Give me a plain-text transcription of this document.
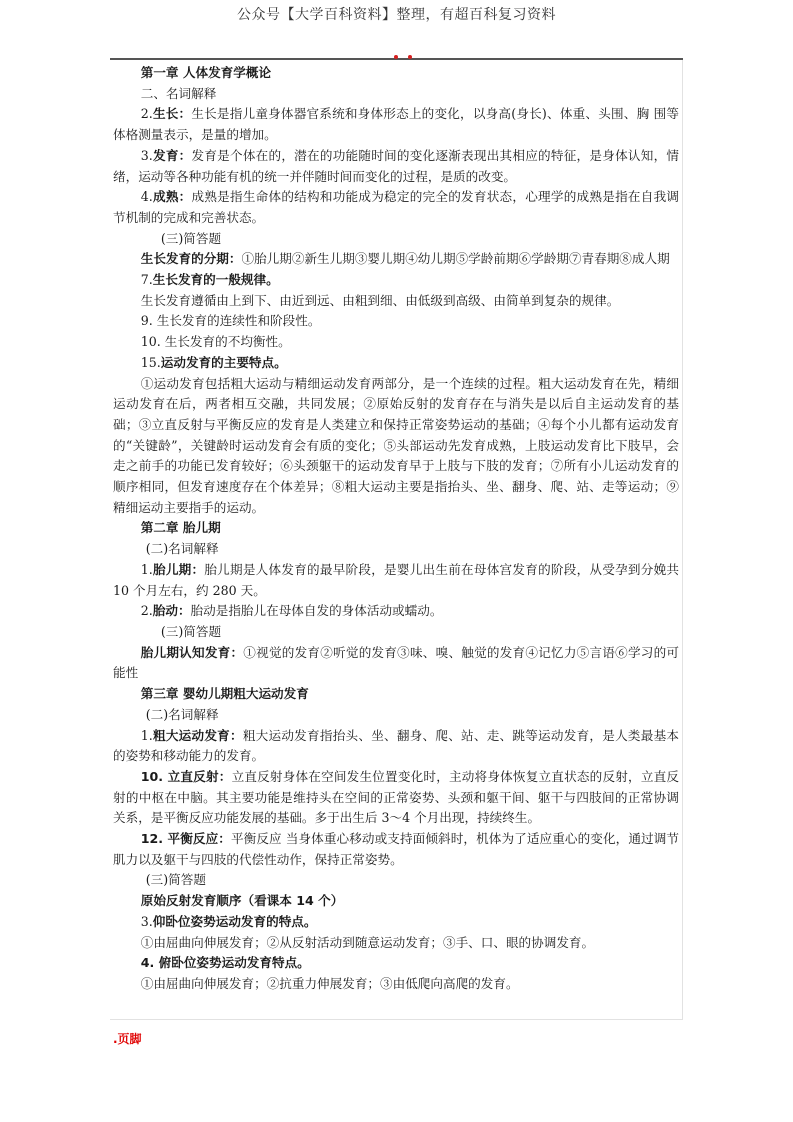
公众号【大学百科资料】整理，有超百科复习资料

第一章 人体发育学概论

二、名词解释

2.生长：生长是指儿童身体器官系统和身体形态上的变化，以身高(身长)、体重、头围、胸 围等体格测量表示，是量的增加。

3.发育：发育是个体在的，潜在的功能随时间的变化逐渐表现出其相应的特征，是身体认知，情绪，运动等各种功能有机的统一并伴随时间而变化的过程，是质的改变。

4.成熟：成熟是指生命体的结构和功能成为稳定的完全的发育状态，心理学的成熟是指在自我调节机制的完成和完善状态。

(三)简答题

生长发育的分期：①胎儿期②新生儿期③婴儿期④幼儿期⑤学龄前期⑥学龄期⑦青春期⑧成人期

7.生长发育的一般规律。

生长发育遵循由上到下、由近到远、由粗到细、由低级到高级、由简单到复杂的规律。

9. 生长发育的连续性和阶段性。

10. 生长发育的不均衡性。

15.运动发育的主要特点。

①运动发育包括粗大运动与精细运动发育两部分，是一个连续的过程。粗大运动发育在先，精细运动发育在后，两者相互交融，共同发展；②原始反射的发育存在与消失是以后自主运动发育的基础；③立直反射与平衡反应的发育是人类建立和保持正常姿势运动的基础；④每个小儿都有运动发育的“关键龄”，关键龄时运动发育会有质的变化；⑤头部运动先发育成熟，上肢运动发育比下肢早，会走之前手的功能已发育较好；⑥头颈躯干的运动发育早于上肢与下肢的发育；⑦所有小儿运动发育的顺序相同，但发育速度存在个体差异；⑧粗大运动主要是指抬头、坐、翻身、爬、站、走等运动；⑨精细运动主要指手的运动。

第二章 胎儿期

(二)名词解释

1.胎儿期：胎儿期是人体发育的最早阶段，是婴儿出生前在母体宫发育的阶段，从受孕到分娩共 10 个月左右，约 280 天。

2.胎动：胎动是指胎儿在母体自发的身体活动或蠕动。

(三)简答题

胎儿期认知发育：①视觉的发育②听觉的发育③味、嗅、触觉的发育④记忆力⑤言语⑥学习的可能性

第三章 婴幼儿期粗大运动发育

(二)名词解释

1.粗大运动发育：粗大运动发育指抬头、坐、翻身、爬、站、走、跳等运动发育，是人类最基本的姿势和移动能力的发育。

10. 立直反射：立直反射身体在空间发生位置变化时，主动将身体恢复立直状态的反射，立直反射的中枢在中脑。其主要功能是维持头在空间的正常姿势、头颈和躯干间、躯干与四肢间的正常协调关系，是平衡反应功能发展的基础。多于出生后 3～4 个月出现，持续终生。

12. 平衡反应：平衡反应 当身体重心移动或支持面倾斜时，机体为了适应重心的变化，通过调节肌力以及躯干与四肢的代偿性动作，保持正常姿势。

(三)简答题

原始反射发育顺序（看课本 14 个）

3.仰卧位姿势运动发育的特点。

①由屈曲向伸展发育；②从反射活动到随意运动发育；③手、口、眼的协调发育。

4. 俯卧位姿势运动发育特点。

①由屈曲向伸展发育；②抗重力伸展发育；③由低爬向高爬的发育。

.页脚
